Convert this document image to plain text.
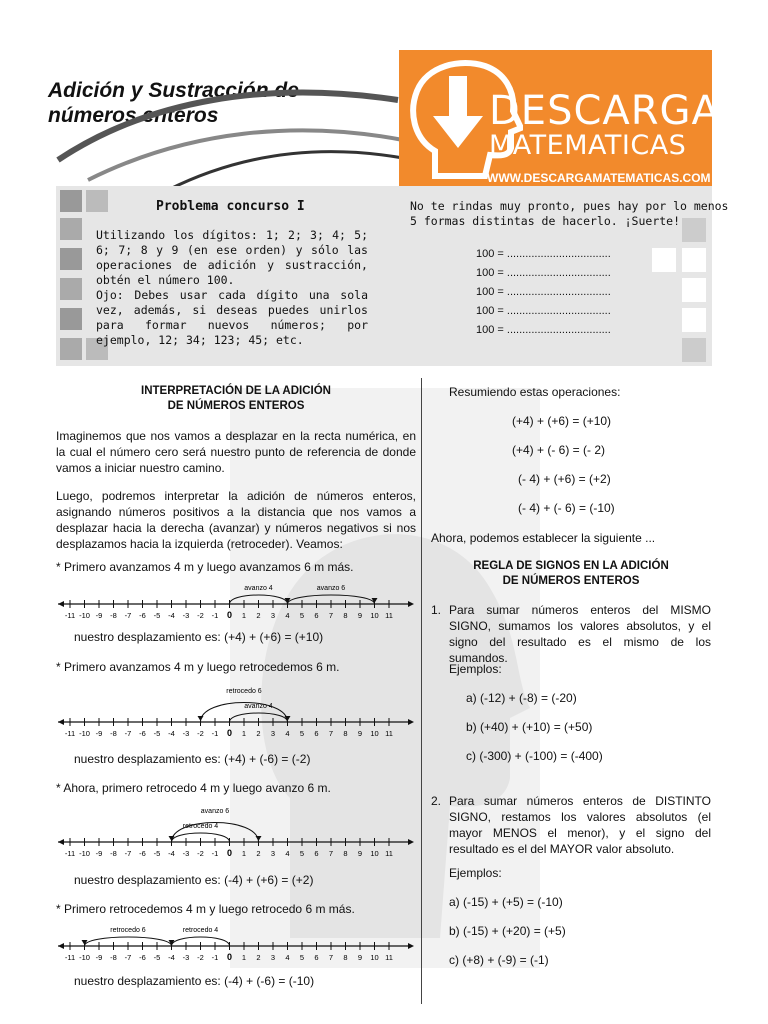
Adición y Sustracción de
números enteros	DESCARGA
MATEMATICAS
WWW.DESCARGAMATEMATICAS.COM
Problema concurso I
Utilizando los dígitos: 1; 2; 3; 4; 5; 6; 7; 8 y 9 (en ese orden) y sólo las operaciones de adición y sustracción, obtén el número 100.
Ojo: Debes usar cada dígito una sola vez, además, si deseas puedes unirlos para formar nuevos números; por ejemplo, 12; 34; 123; 45; etc.
No te rindas muy pronto, pues hay por lo menos
5 formas distintas de hacerlo. ¡Suerte!
100 = ..................................
100 = ..................................
100 = ..................................
100 = ..................................
100 = ..................................
INTERPRETACIÓN DE LA ADICIÓN
DE NÚMEROS ENTEROS
Imaginemos que nos vamos a desplazar en la recta numérica, en la cual el número cero será nuestro punto de referencia de donde vamos a iniciar nuestro camino.
Luego, podremos interpretar la adición de números enteros, asignando números positivos a la distancia que nos vamos a desplazar hacia la derecha (avanzar) y números negativos si nos desplazamos hacia la izquierda (retroceder). Veamos:
* Primero avanzamos 4 m y luego avanzamos 6 m más.
-11 -10 -9 -8 -7 -6 -5 -4 -3 -2 -1 0 1 2 3 4 5 6 7 8 9 10 11
avanzo 4	avanzo 6
nuestro desplazamiento es: (+4) + (+6) = (+10)
* Primero avanzamos 4 m y luego retrocedemos 6 m.
-11 -10 -9 -8 -7 -6 -5 -4 -3 -2 -1 0 1 2 3 4 5 6 7 8 9 10 11
avanzo 4
retrocedo 6
nuestro desplazamiento es: (+4) + (-6) = (-2)
* Ahora, primero retrocedo 4 m y luego avanzo 6 m.
-11 -10 -9 -8 -7 -6 -5 -4 -3 -2 -1 0 1 2 3 4 5 6 7 8 9 10 11
retrocedo 4
avanzo 6
nuestro desplazamiento es: (-4) + (+6) = (+2)
* Primero retrocedemos 4 m y luego retrocedo 6 m más.
-11 -10 -9 -8 -7 -6 -5 -4 -3 -2 -1 0 1 2 3 4 5 6 7 8 9 10 11
retrocedo 4
retrocedo 6
nuestro desplazamiento es: (-4) + (-6) = (-10)
Resumiendo estas operaciones:
(+4) + (+6) = (+10)
(+4) + (- 6) = (- 2)
(- 4) + (+6) = (+2)
(- 4) + (- 6) = (-10)
Ahora, podemos establecer la siguiente ...
REGLA DE SIGNOS EN LA ADICIÓN
DE NÚMEROS ENTEROS
1. Para sumar números enteros del MISMO SIGNO, sumamos los valores absolutos, y el signo del resultado es el mismo de los sumandos.
Ejemplos:
a) (-12) + (-8) = (-20)
b) (+40) + (+10) = (+50)
c) (-300) + (-100) = (-400)
2. Para sumar números enteros de DISTINTO SIGNO, restamos los valores absolutos (el mayor MENOS el menor), y el signo del resultado es el del MAYOR valor absoluto.
Ejemplos:
a) (-15) + (+5) = (-10)
b) (-15) + (+20) = (+5)
c) (+8) + (-9) = (-1)
